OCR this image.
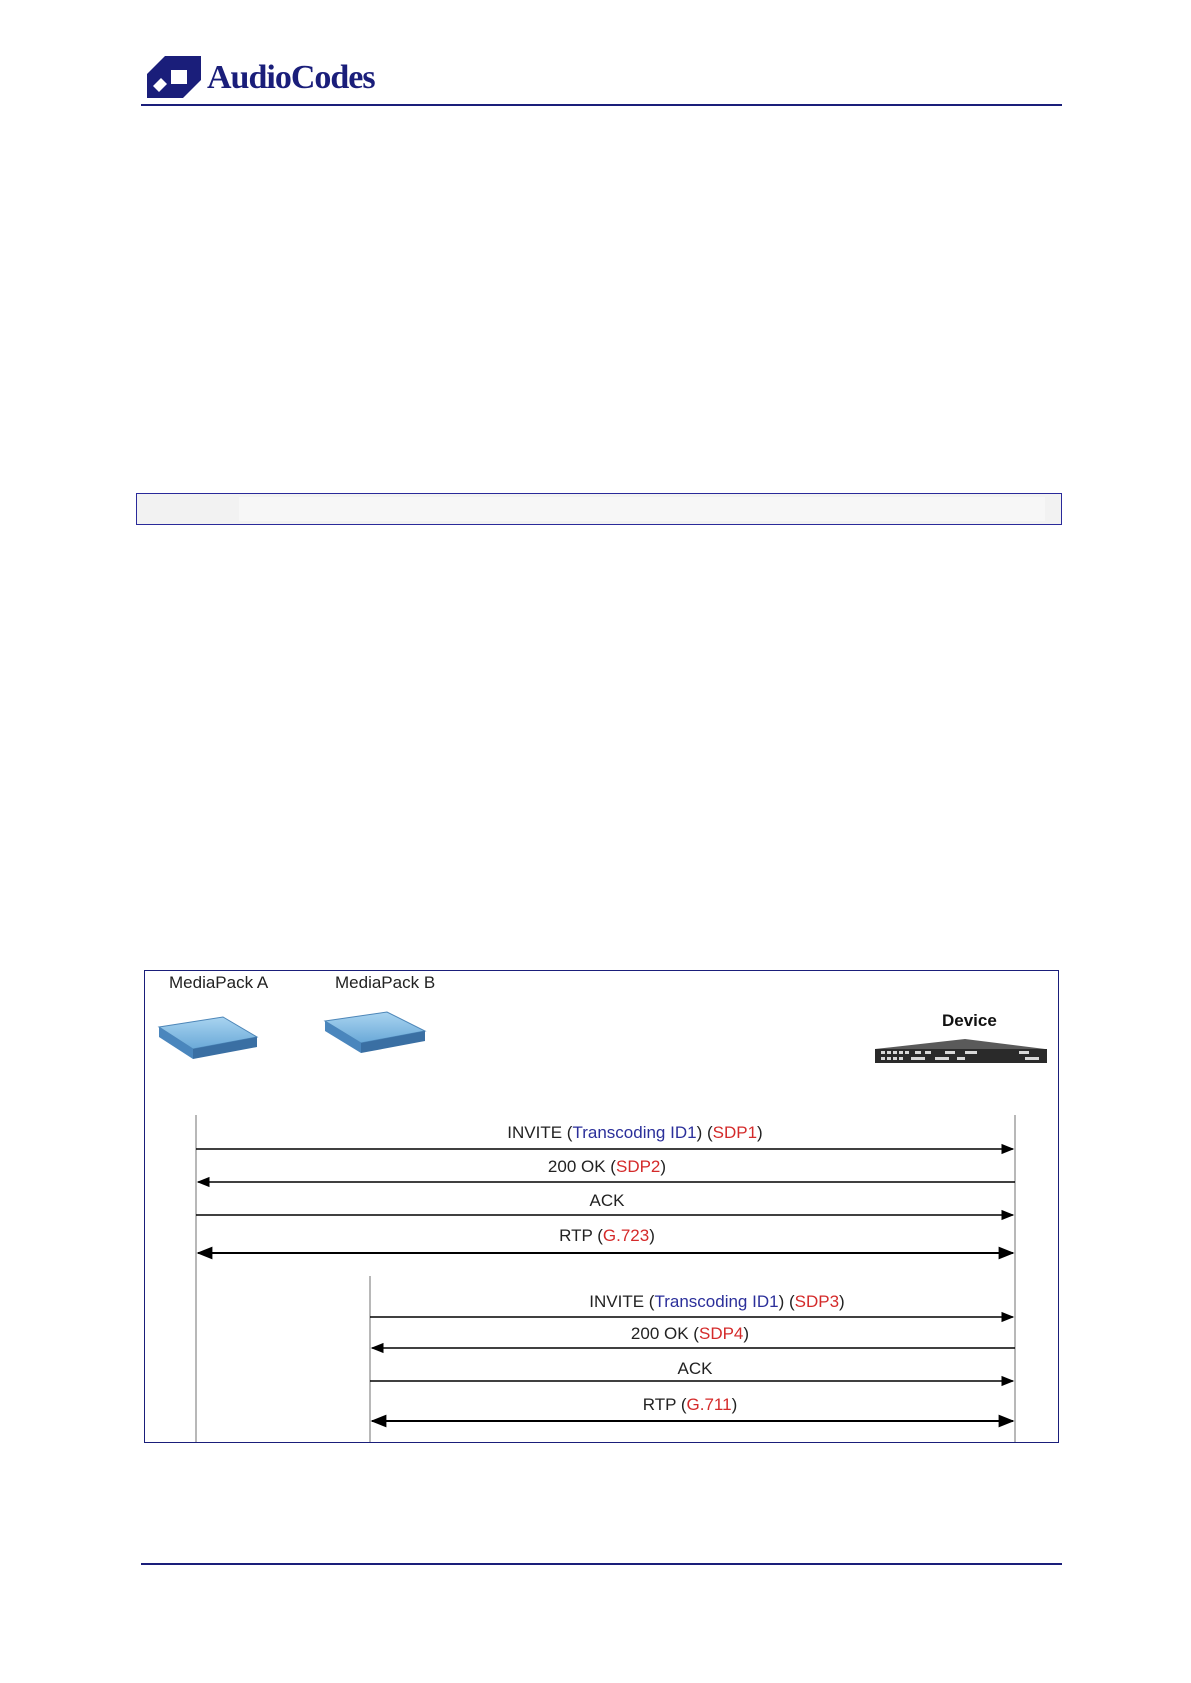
AudioCodes
MediaPack A	MediaPack B
Device
INVITE (Transcoding ID1) (SDP1)
200 OK (SDP2)
ACK
RTP (G.723)
INVITE (Transcoding ID1) (SDP3)
200 OK (SDP4)
ACK
RTP (G.711)
